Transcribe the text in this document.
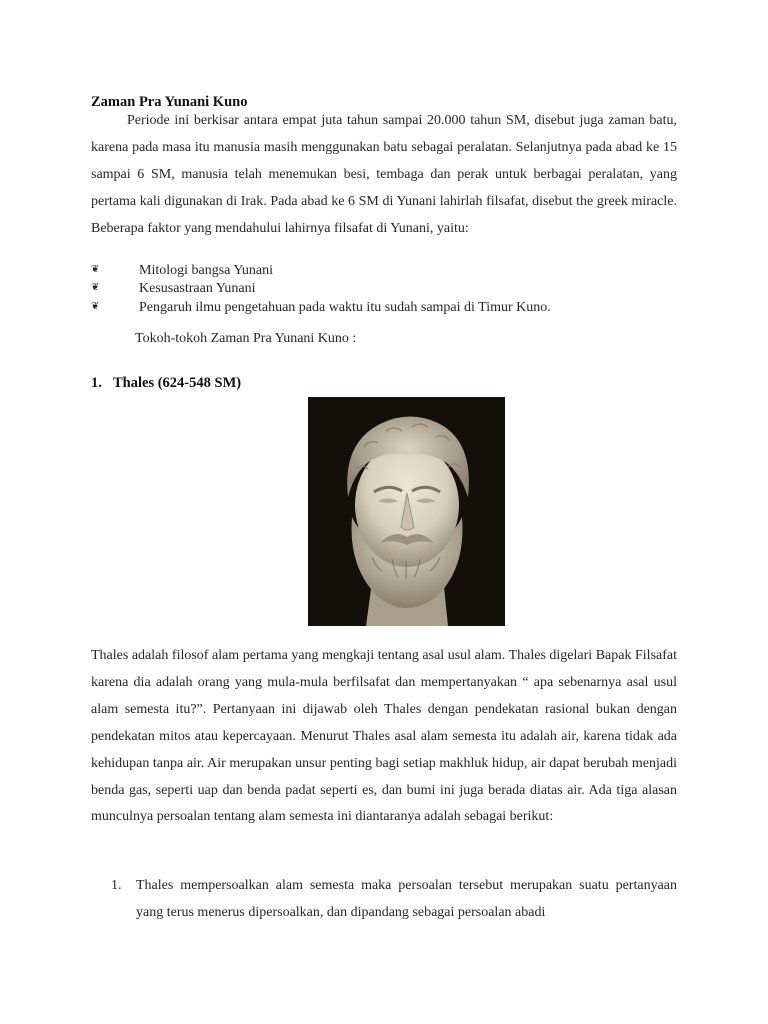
Zaman Pra Yunani Kuno
Periode ini berkisar antara empat juta tahun sampai 20.000 tahun SM, disebut juga zaman batu, karena pada masa itu manusia masih menggunakan batu sebagai peralatan. Selanjutnya pada abad ke 15 sampai 6 SM, manusia telah menemukan besi, tembaga dan perak untuk berbagai peralatan, yang pertama kali digunakan di Irak. Pada abad ke 6 SM di Yunani lahirlah filsafat, disebut the greek miracle. Beberapa faktor yang mendahului lahirnya filsafat di Yunani, yaitu:
❦	Mitologi bangsa Yunani
❦	Kesusastraan Yunani
❦	Pengaruh ilmu pengetahuan pada waktu itu sudah sampai di Timur Kuno.
Tokoh-tokoh Zaman Pra Yunani Kuno :
1. Thales (624-548 SM)
Thales adalah filosof alam pertama yang mengkaji tentang asal usul alam. Thales digelari Bapak Filsafat karena dia adalah orang yang mula-mula berfilsafat dan mempertanyakan “ apa sebenarnya asal usul alam semesta itu?”. Pertanyaan ini dijawab oleh Thales dengan pendekatan rasional bukan dengan pendekatan mitos atau kepercayaan. Menurut Thales asal alam semesta itu adalah air, karena tidak ada kehidupan tanpa air. Air merupakan unsur penting bagi setiap makhluk hidup, air dapat berubah menjadi benda gas, seperti uap dan benda padat seperti es, dan bumi ini juga berada diatas air. Ada tiga alasan munculnya persoalan tentang alam semesta ini diantaranya adalah sebagai berikut:
1. Thales mempersoalkan alam semesta maka persoalan tersebut merupakan suatu pertanyaan yang terus menerus dipersoalkan, dan dipandang sebagai persoalan abadi
